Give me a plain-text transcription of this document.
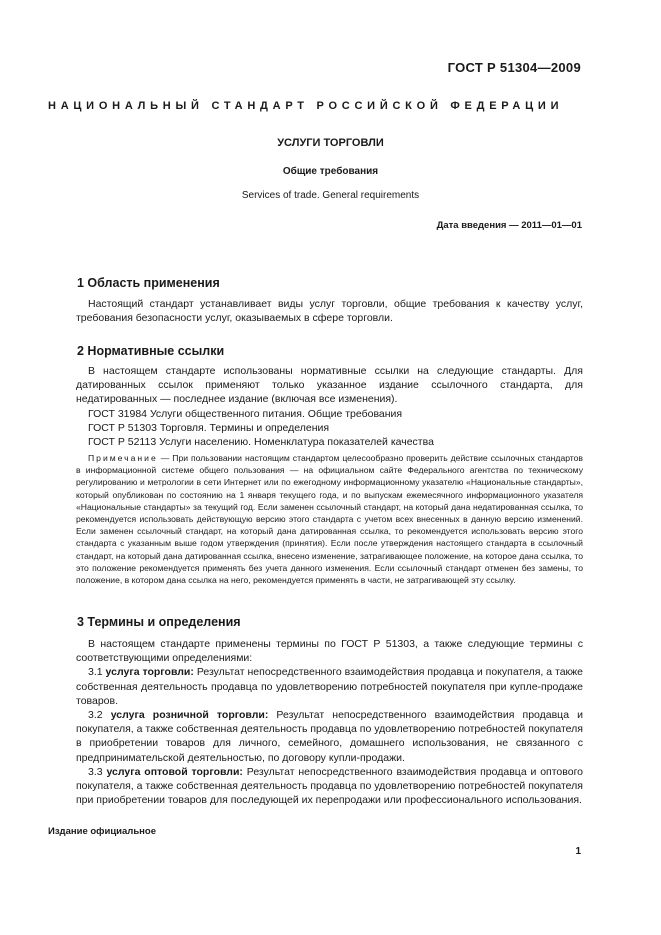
ГОСТ Р 51304—2009
НАЦИОНАЛЬНЫЙ СТАНДАРТ РОССИЙСКОЙ ФЕДЕРАЦИИ
УСЛУГИ ТОРГОВЛИ
Общие требования
Services of trade. General requirements
Дата введения — 2011—01—01
1 Область применения

Настоящий стандарт устанавливает виды услуг торговли, общие требования к качеству услуг, требования безопасности услуг, оказываемых в сфере торговли.

2 Нормативные ссылки

В настоящем стандарте использованы нормативные ссылки на следующие стандарты. Для датированных ссылок применяют только указанное издание ссылочного стандарта, для недатированных — последнее издание (включая все изменения).

ГОСТ 31984 Услуги общественного питания. Общие требования

ГОСТ Р 51303 Торговля. Термины и определения

ГОСТ Р 52113 Услуги населению. Номенклатура показателей качества

Примечание — При пользовании настоящим стандартом целесообразно проверить действие ссылочных стандартов в информационной системе общего пользования — на официальном сайте Федерального агентства по техническому регулированию и метрологии в сети Интернет или по ежегодному информационному указателю «Национальные стандарты», который опубликован по состоянию на 1 января текущего года, и по выпускам ежемесячного информационного указателя «Национальные стандарты» за текущий год. Если заменен ссылочный стандарт, на который дана недатированная ссылка, то рекомендуется использовать действующую версию этого стандарта с учетом всех внесенных в данную версию изменений. Если заменен ссылочный стандарт, на который дана датированная ссылка, то рекомендуется использовать версию этого стандарта с указанным выше годом утверждения (принятия). Если после утверждения настоящего стандарта в ссылочный стандарт, на который дана датированная ссылка, внесено изменение, затрагивающее положение, на которое дана ссылка, то это положение рекомендуется применять без учета данного изменения. Если ссылочный стандарт отменен без замены, то положение, в котором дана ссылка на него, рекомендуется применять в части, не затрагивающей эту ссылку.

3 Термины и определения

В настоящем стандарте применены термины по ГОСТ Р 51303, а также следующие термины с соответствующими определениями:

3.1 услуга торговли: Результат непосредственного взаимодействия продавца и покупателя, а также собственная деятельность продавца по удовлетворению потребностей покупателя при купле-продаже товаров.

3.2 услуга розничной торговли: Результат непосредственного взаимодействия продавца и покупателя, а также собственная деятельность продавца по удовлетворению потребностей покупателя в приобретении товаров для личного, семейного, домашнего использования, не связанного с предпринимательской деятельностью, по договору купли-продажи.

3.3 услуга оптовой торговли: Результат непосредственного взаимодействия продавца и оптового покупателя, а также собственная деятельность продавца по удовлетворению потребностей покупателя при приобретении товаров для последующей их перепродажи или профессионального использования.

Издание официальное
1
